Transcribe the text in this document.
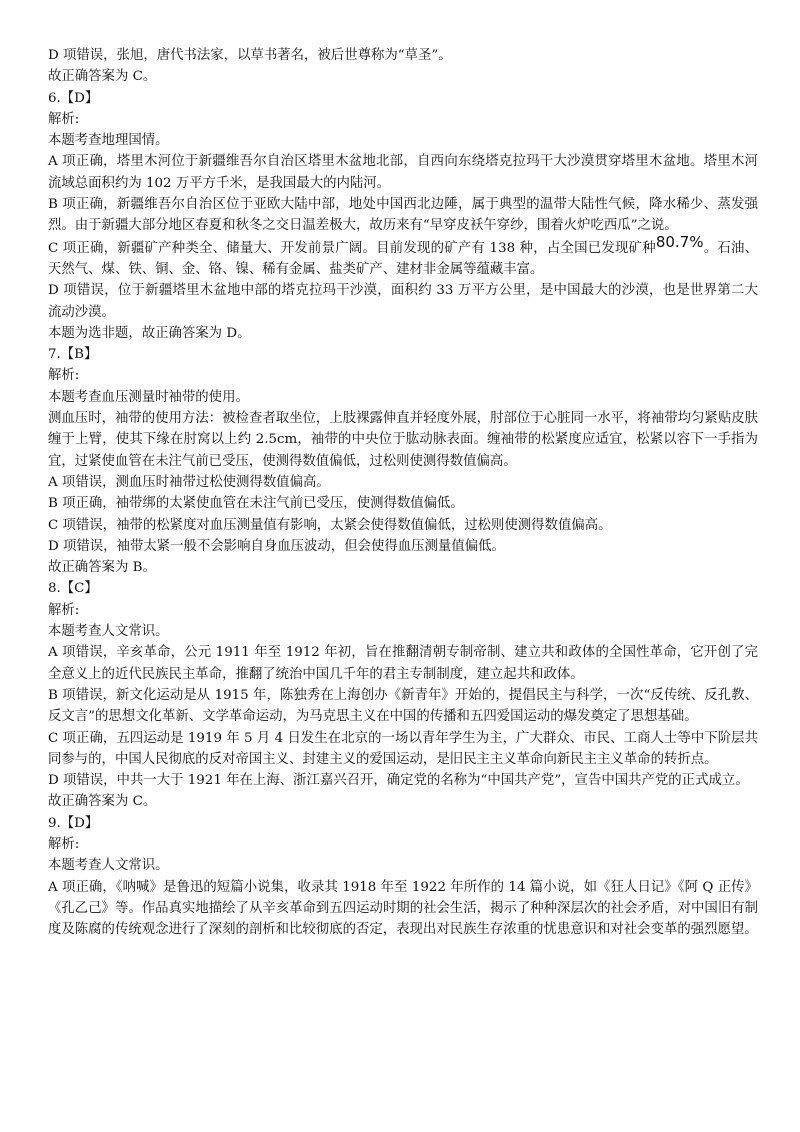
D 项错误，张旭，唐代书法家，以草书著名，被后世尊称为“草圣”。
故正确答案为 C。
6.【D】
解析:
本题考查地理国情。
A 项正确，塔里木河位于新疆维吾尔自治区塔里木盆地北部，自西向东绕塔克拉玛干大沙漠贯穿塔里木盆地。塔里木河流域总面积约为 102 万平方千米，是我国最大的内陆河。
B 项正确，新疆维吾尔自治区位于亚欧大陆中部，地处中国西北边陲，属于典型的温带大陆性气候，降水稀少、蒸发强烈。由于新疆大部分地区春夏和秋冬之交日温差极大，故历来有“早穿皮袄午穿纱，围着火炉吃西瓜”之说。
C 项正确，新疆矿产种类全、储量大、开发前景广阔。目前发现的矿产有 138 种，占全国已发现矿种80.7%。石油、天然气、煤、铁、铜、金、铬、镍、稀有金属、盐类矿产、建材非金属等蕴藏丰富。
D 项错误，位于新疆塔里木盆地中部的塔克拉玛干沙漠，面积约 33 万平方公里，是中国最大的沙漠，也是世界第二大流动沙漠。
本题为选非题，故正确答案为 D。
7.【B】
解析:
本题考查血压测量时袖带的使用。
测血压时，袖带的使用方法：被检查者取坐位，上肢裸露伸直并轻度外展，肘部位于心脏同一水平，将袖带均匀紧贴皮肤缠于上臂，使其下缘在肘窝以上约 2.5cm，袖带的中央位于肱动脉表面。缠袖带的松紧度应适宜，松紧以容下一手指为宜，过紧使血管在未注气前已受压，使测得数值偏低，过松则使测得数值偏高。
A 项错误，测血压时袖带过松使测得数值偏高。
B 项正确，袖带绑的太紧使血管在未注气前已受压，使测得数值偏低。
C 项错误，袖带的松紧度对血压测量值有影响，太紧会使得数值偏低，过松则使测得数值偏高。
D 项错误，袖带太紧一般不会影响自身血压波动，但会使得血压测量值偏低。
故正确答案为 B。
8.【C】
解析:
本题考查人文常识。
A 项错误，辛亥革命，公元 1911 年至 1912 年初，旨在推翻清朝专制帝制、建立共和政体的全国性革命，它开创了完全意义上的近代民族民主革命，推翻了统治中国几千年的君主专制制度，建立起共和政体。
B 项错误，新文化运动是从 1915 年，陈独秀在上海创办《新青年》开始的，提倡民主与科学，一次“反传统、反孔教、反文言”的思想文化革新、文学革命运动，为马克思主义在中国的传播和五四爱国运动的爆发奠定了思想基础。
C 项正确，五四运动是 1919 年 5 月 4 日发生在北京的一场以青年学生为主，广大群众、市民、工商人士等中下阶层共同参与的，中国人民彻底的反对帝国主义、封建主义的爱国运动，是旧民主主义革命向新民主主义革命的转折点。
D 项错误，中共一大于 1921 年在上海、浙江嘉兴召开，确定党的名称为“中国共产党”，宣告中国共产党的正式成立。
故正确答案为 C。
9.【D】
解析:
本题考查人文常识。
A 项正确，《呐喊》是鲁迅的短篇小说集，收录其 1918 年至 1922 年所作的 14 篇小说，如《狂人日记》《阿 Q 正传》《孔乙己》等。作品真实地描绘了从辛亥革命到五四运动时期的社会生活，揭示了种种深层次的社会矛盾，对中国旧有制度及陈腐的传统观念进行了深刻的剖析和比较彻底的否定，表现出对民族生存浓重的忧患意识和对社会变革的强烈愿望。
